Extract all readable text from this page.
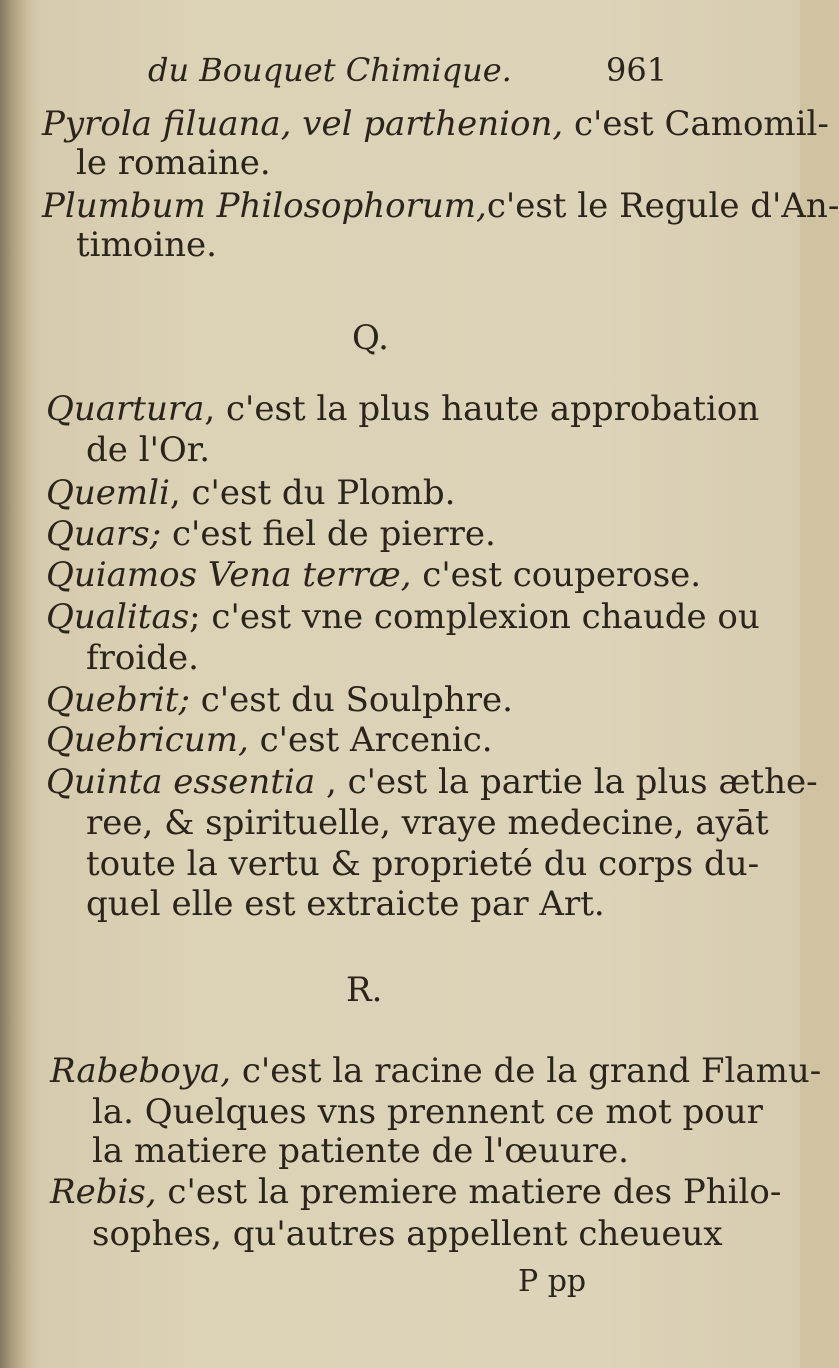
du Bouquet Chimique.	961
Pyrola filuana, vel parthenion, c'est Camomil-
le romaine.
Plumbum Philosophorum,c'est le Regule d'An-
timoine.
Q.
Quartura, c'est la plus haute approbation
de l'Or.
Quemli, c'est du Plomb.
Quars; c'est fiel de pierre.
Quiamos Vena terræ, c'est couperose.
Qualitas; c'est vne complexion chaude ou
froide.
Quebrit; c'est du Soulphre.
Quebricum, c'est Arcenic.
Quinta essentia , c'est la partie la plus æthe-
ree, & spirituelle, vraye medecine, ayāt
toute la vertu & proprieté du corps du-
quel elle est extraicte par Art.
R.
Rabeboya, c'est la racine de la grand Flamu-
la. Quelques vns prennent ce mot pour
la matiere patiente de l'œuure.
Rebis, c'est la premiere matiere des Philo-
sophes, qu'autres appellent cheueux
P pp
